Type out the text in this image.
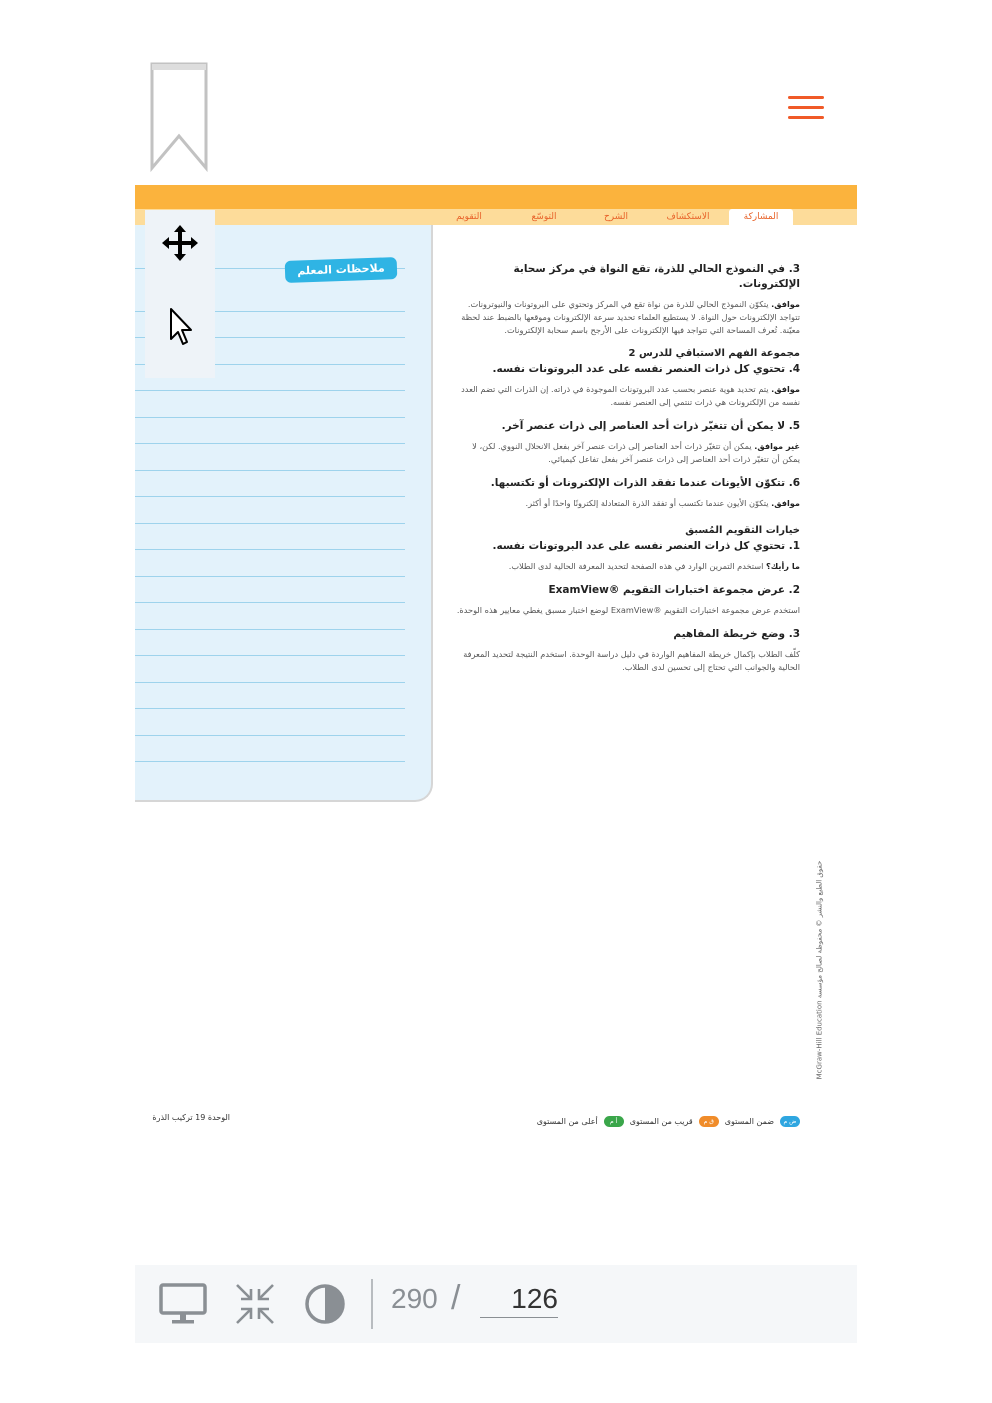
المشاركة
الاستكشاف
الشرح
التوسّع
التقويم
ملاحظات المعلم	3. في النموذج الحالي للذرة، تقع النواة في مركز سحابة الإلكترونات.
موافق. يتكوّن النموذج الحالي للذرة من نواة تقع في المركز وتحتوي على البروتونات والنيوترونات. تتواجد الإلكترونات حول النواة. لا يستطيع العلماء تحديد سرعة الإلكترونات وموقعها بالضبط عند لحظة معيّنة. تُعرف المساحة التي تتواجد فيها الإلكترونات على الأرجح باسم سحابة الإلكترونات.
مجموعة الفهم الاستباقي للدرس 2
4. تحتوي كل ذرات العنصر نفسه على عدد البروتونات نفسه.
موافق. يتم تحديد هوية عنصر بحسب عدد البروتونات الموجودة في ذراته. إن الذرات التي تضم العدد نفسه من الإلكترونات هي ذرات تنتمي إلى العنصر نفسه.
5. لا يمكن أن تتغيّر ذرات أحد العناصر إلى ذرات عنصر آخر.
غير موافق. يمكن أن تتغيّر ذرات أحد العناصر إلى ذرات عنصر آخر بفعل الانحلال النووي. لكن، لا يمكن أن تتغيّر ذرات أحد العناصر إلى ذرات عنصر آخر بفعل تفاعل كيميائي.
6. تتكوّن الأيونات عندما تفقد الذرات الإلكترونات أو تكتسبها.
موافق. يتكوّن الأيون عندما تكتسب أو تفقد الذرة المتعادلة إلكترونًا واحدًا أو أكثر.
خيارات التقويم المُسبق
1. تحتوي كل ذرات العنصر نفسه على عدد البروتونات نفسه.
ما رأيك؟ استخدم التمرين الوارد في هذه الصفحة لتحديد المعرفة الحالية لدى الطلاب.
2. عرض مجموعة اختبارات التقويم ®ExamView
استخدم عرض مجموعة اختبارات التقويم ®ExamView لوضع اختبار مسبق يغطي معايير هذه الوحدة.
3. وضع خريطة المفاهيم
كلّف الطلاب بإكمال خريطة المفاهيم الواردة في دليل دراسة الوحدة. استخدم النتيجة لتحديد المعرفة الحالية والجوانب التي تحتاج إلى تحسين لدى الطلاب.
حقوق الطبع والنشر © محفوظة لصالح مؤسسة McGraw-Hill Education
ض م
ضمن المستوى
ق م
قريب من المستوى
أ م
أعلى من المستوى
الوحدة 19 تركيب الذرة
290 /
126
